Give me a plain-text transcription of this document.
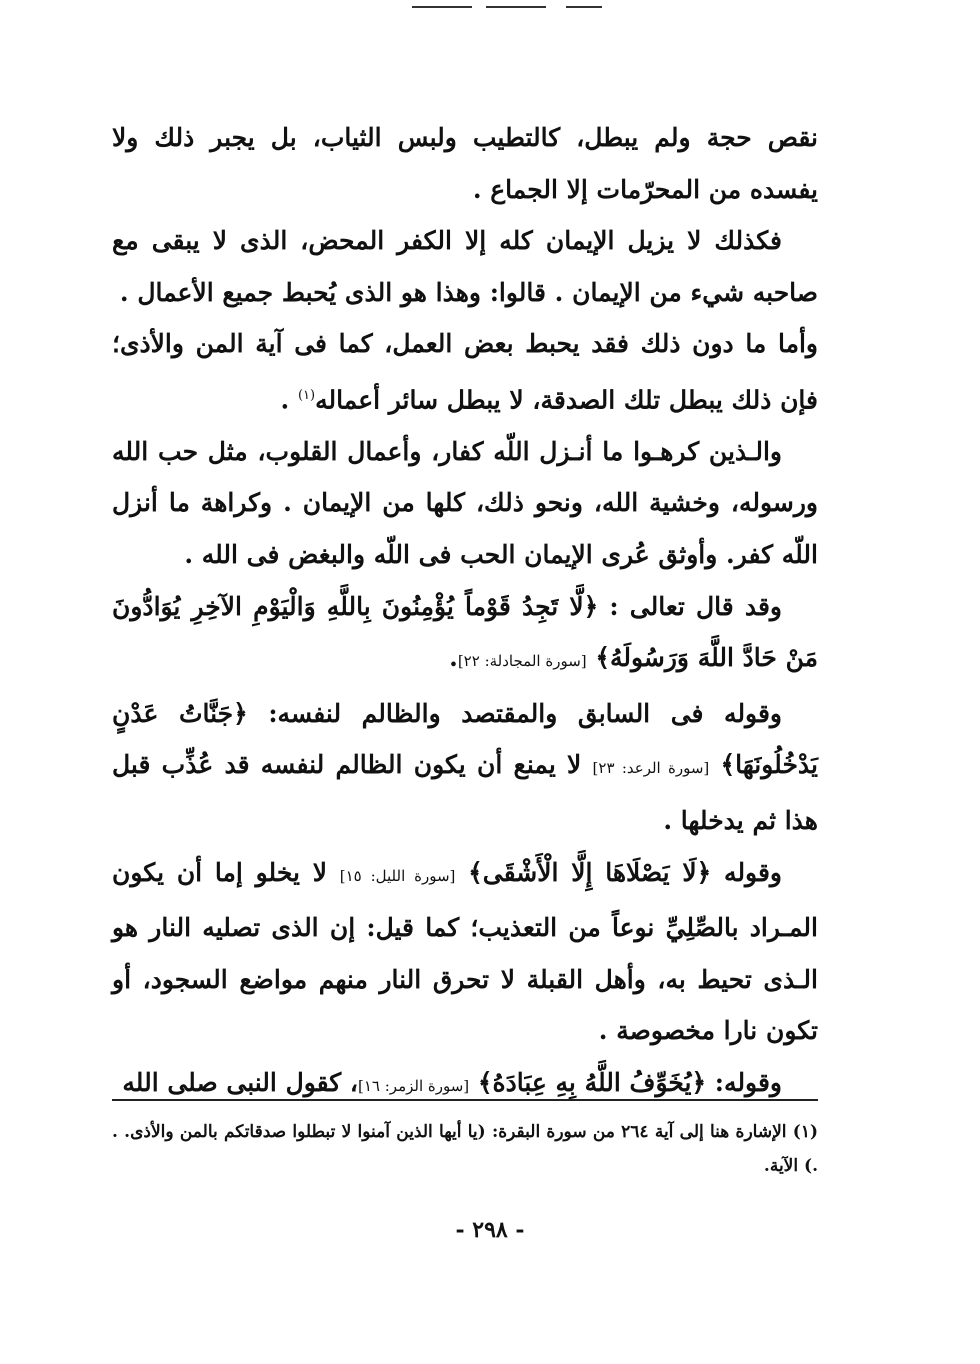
نقص حجة ولم يبطل، كالتطيب ولبس الثياب، بل يجبر ذلك ولا يفسده من المحرّمات إلا الجماع .

فكذلك لا يزيل الإيمان كله إلا الكفر المحض، الذى لا يبقى مع صاحبه شيء من الإيمان . قالوا: وهذا هو الذى يُحبط جميع الأعمال .

وأما ما دون ذلك فقد يحبط بعض العمل، كما فى آية المن والأذى؛ فإن ذلك يبطل تلك الصدقة، لا يبطل سائر أعماله$^{(١)}$ .

والـذين كرهـوا ما أنـزل اللّه كفار، وأعمال القلوب، مثل حب الله ورسوله، وخشية الله، ونحو ذلك، كلها من الإيمان . وكراهة ما أنزل اللّه كفر. وأوثق عُرى الإيمان الحب فى اللّه والبغض فى الله .

وقد قال تعالى : ﴿لَّا تَجِدُ قَوْماً يُؤْمِنُونَ بِاللَّهِ وَالْيَوْمِ الآخِرِ يُوَادُّونَ مَنْ حَادَّ اللَّهَ وَرَسُولَهُ﴾ [سورة المجادلة: ٢٢].

وقوله فى السابق والمقتصد والظالم لنفسه: ﴿جَنَّاتُ عَدْنٍ يَدْخُلُونَهَا﴾ [سورة الرعد: ٢٣] لا يمنع أن يكون الظالم لنفسه قد عُذِّب قبل هذا ثم يدخلها .

وقوله ﴿لَا يَصْلَاهَا إِلَّا الْأَشْقَى﴾ [سورة الليل: ١٥] لا يخلو إما أن يكون المـراد بالصِّلِيِّ نوعاً من التعذيب؛ كما قيل: إن الذى تصليه النار هو الـذى تحيط به، وأهل القبلة لا تحرق النار منهم مواضع السجود، أو تكون نارا مخصوصة .

وقوله: ﴿يُخَوِّفُ اللَّهُ بِهِ عِبَادَهُ﴾ [سورة الزمر: ١٦]، كقول النبى صلى الله

(١) الإشارة هنا إلى آية ٢٦٤ من سورة البقرة: (يا أيها الذين آمنوا لا تبطلوا صدقاتكم بالمن والأذى. . .) الآية.
- ٢٩٨ -
